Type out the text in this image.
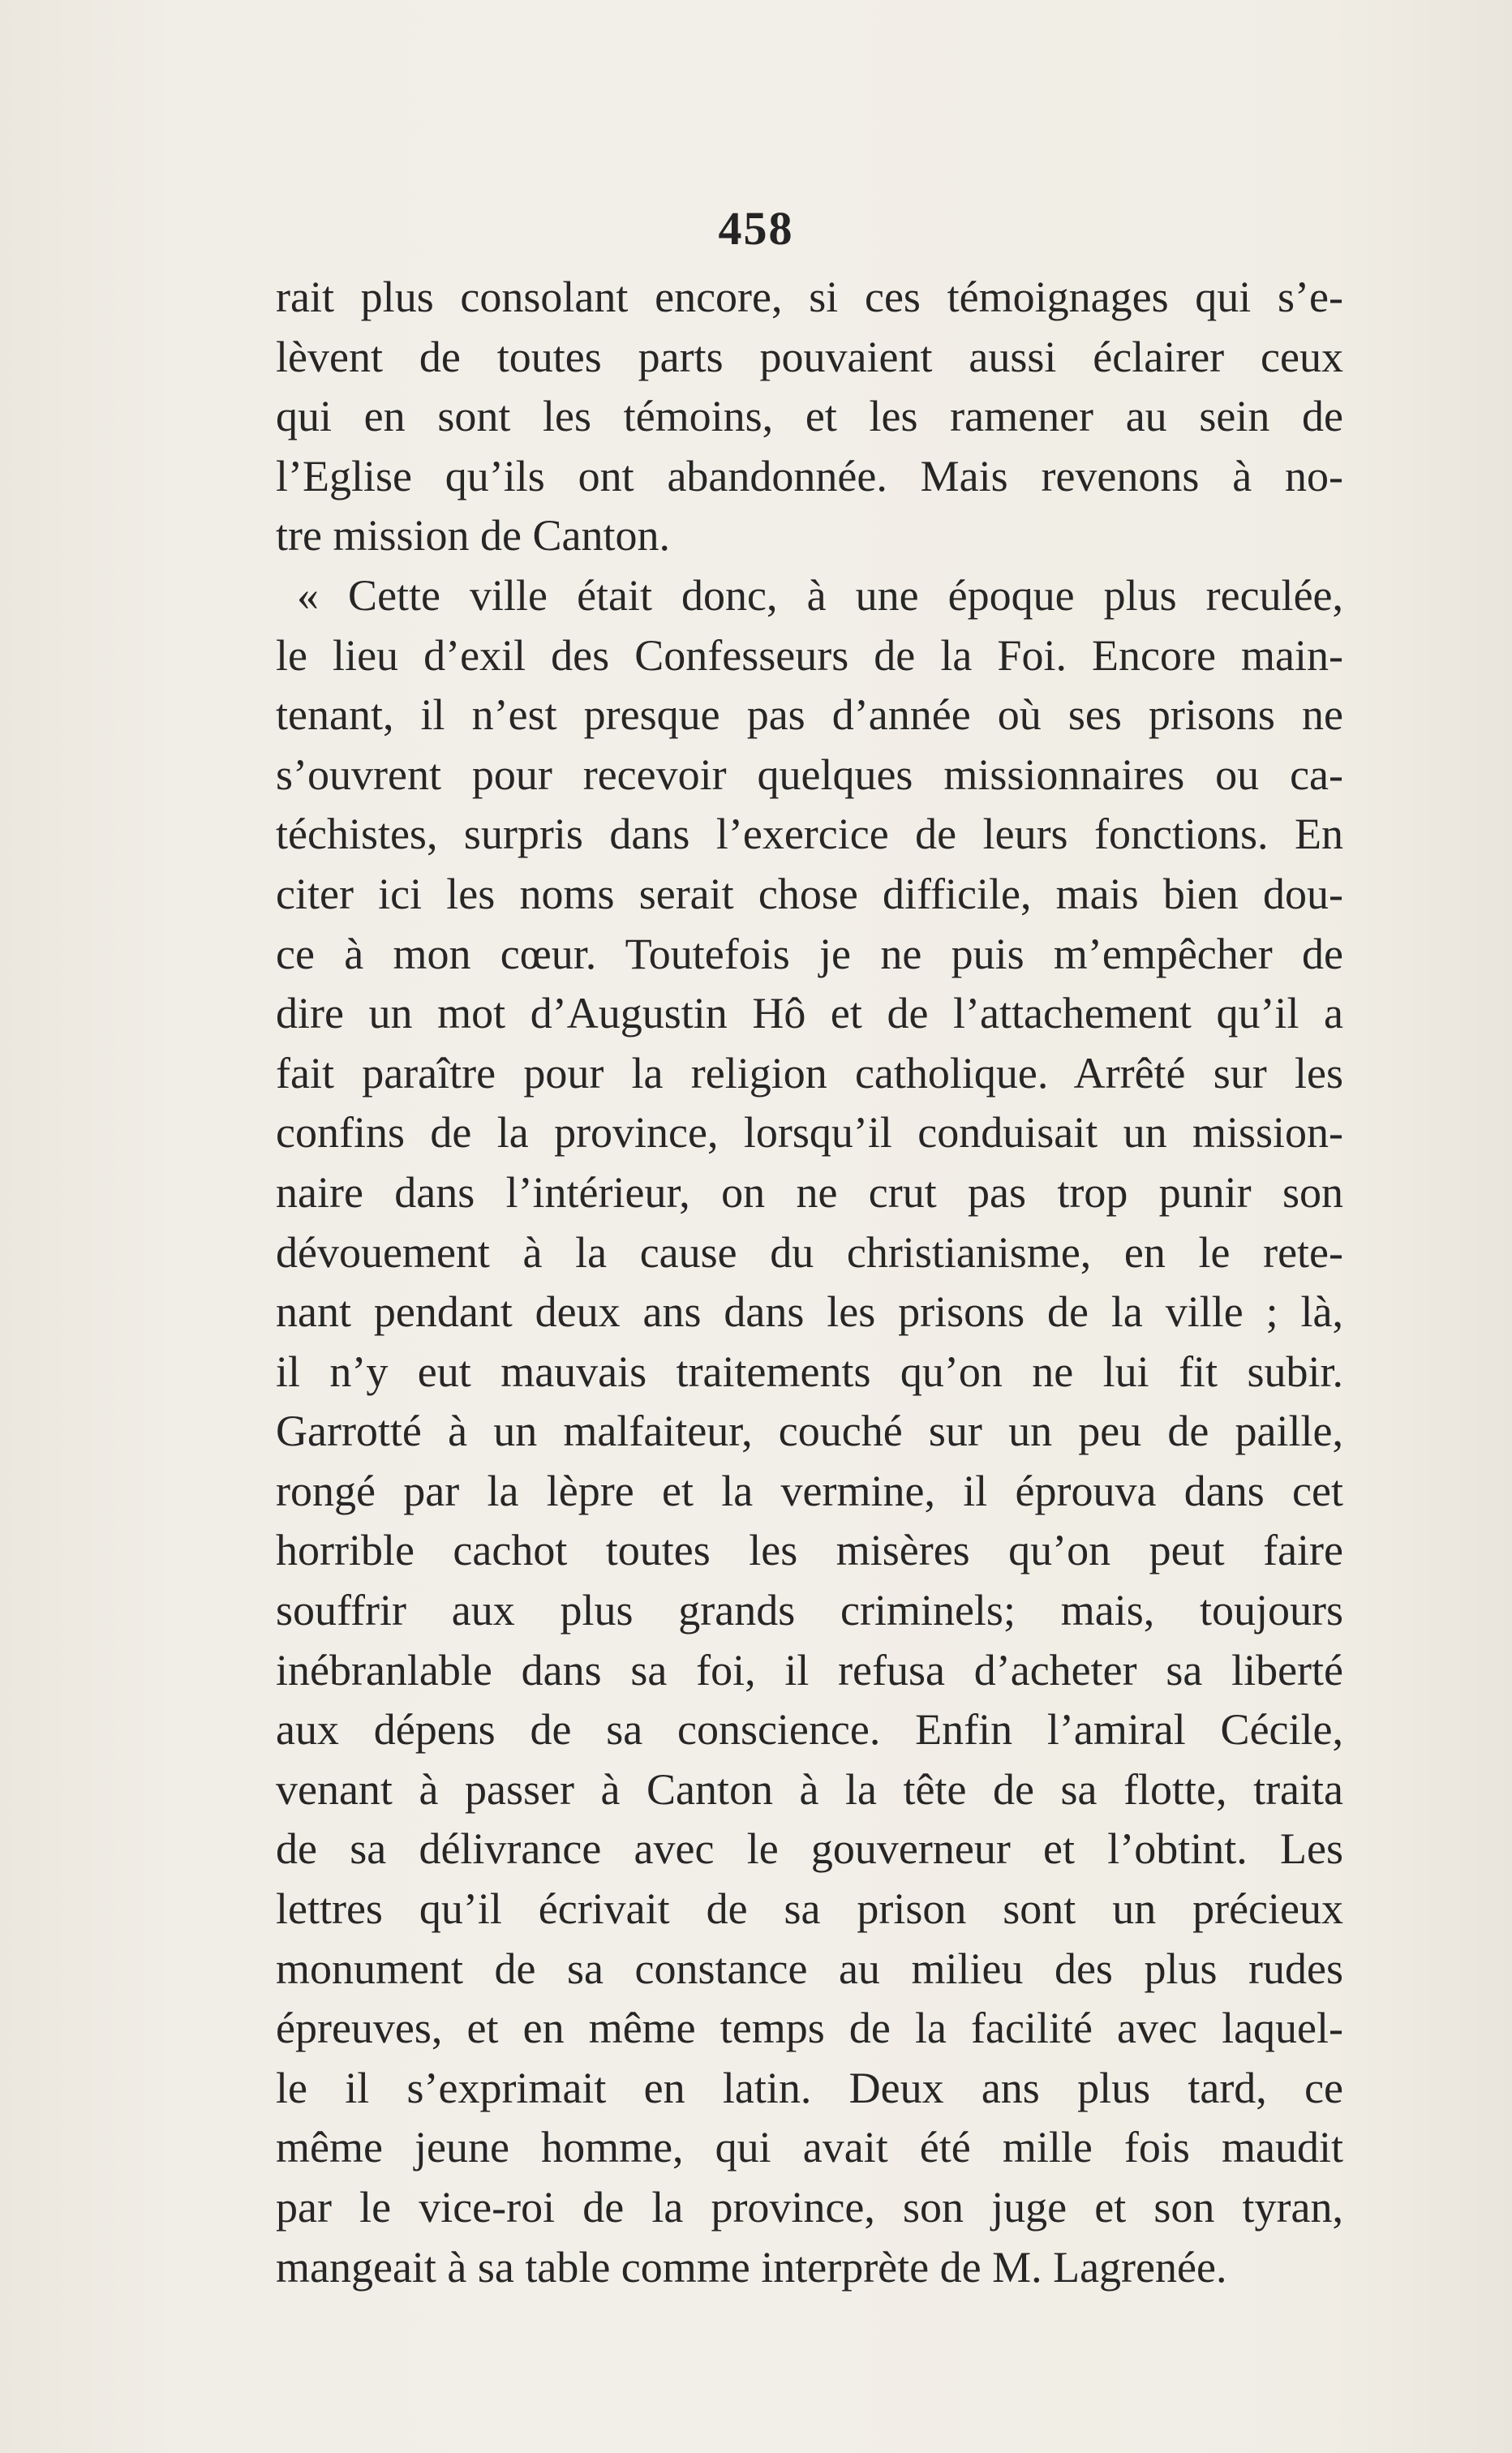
458
rait plus consolant encore, si ces témoignages qui s’e-
lèvent de toutes parts pouvaient aussi éclairer ceux
qui en sont les témoins, et les ramener au sein de
l’Eglise qu’ils ont abandonnée. Mais revenons à no-
tre mission de Canton.
« Cette ville était donc, à une époque plus reculée,
le lieu d’exil des Confesseurs de la Foi. Encore main-
tenant, il n’est presque pas d’année où ses prisons ne
s’ouvrent pour recevoir quelques missionnaires ou ca-
téchistes, surpris dans l’exercice de leurs fonctions. En
citer ici les noms serait chose difficile, mais bien dou-
ce à mon cœur. Toutefois je ne puis m’empêcher de
dire un mot d’Augustin Hô et de l’attachement qu’il a
fait paraître pour la religion catholique. Arrêté sur les
confins de la province, lorsqu’il conduisait un mission-
naire dans l’intérieur, on ne crut pas trop punir son
dévouement à la cause du christianisme, en le rete-
nant pendant deux ans dans les prisons de la ville ; là,
il n’y eut mauvais traitements qu’on ne lui fit subir.
Garrotté à un malfaiteur, couché sur un peu de paille,
rongé par la lèpre et la vermine, il éprouva dans cet
horrible cachot toutes les misères qu’on peut faire
souffrir aux plus grands criminels; mais, toujours
inébranlable dans sa foi, il refusa d’acheter sa liberté
aux dépens de sa conscience. Enfin l’amiral Cécile,
venant à passer à Canton à la tête de sa flotte, traita
de sa délivrance avec le gouverneur et l’obtint. Les
lettres qu’il écrivait de sa prison sont un précieux
monument de sa constance au milieu des plus rudes
épreuves, et en même temps de la facilité avec laquel-
le il s’exprimait en latin. Deux ans plus tard, ce
même jeune homme, qui avait été mille fois maudit
par le vice-roi de la province, son juge et son tyran,
mangeait à sa table comme interprète de M. Lagrenée.
